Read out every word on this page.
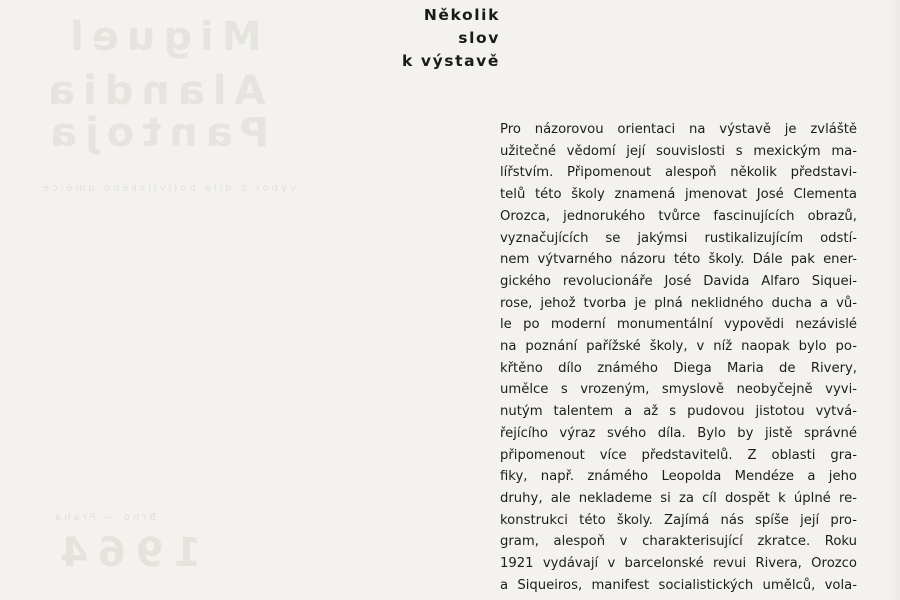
Miguel
Alandia
Pantoja
výbor z díla bolívijského umělce
Brno — Praha
1964
Několik
slov
k výstavě
Pro názorovou orientaci na výstavě je zvláště
užitečné vědomí její souvislosti s mexickým ma-
lířstvím. Připomenout alespoň několik představi-
telů této školy znamená jmenovat José Clementa
Orozca, jednorukého tvůrce fascinujících obrazů,
vyznačujících se jakýmsi rustikalizujícím odstí-
nem výtvarného názoru této školy. Dále pak ener-
gického revolucionáře José Davida Alfaro Siqueі-
rose, jehož tvorba je plná neklidného ducha a vů-
le po moderní monumentální vypovědi nezávislé
na poznání pařížské školy, v níž naopak bylo po-
křtěno dílo známého Diega Maria de Rivery,
umělce s vrozeným, smyslově neobyčejně vyvi-
nutým talentem a až s pudovou jistotou vytvá-
řejícího výraz svého díla. Bylo by jistě správné
připomenout více představitelů. Z oblasti gra-
fiky, např. známého Leopolda Mendéze a jeho
druhy, ale neklademe si za cíl dospět k úplné re-
konstrukci této školy. Zajímá nás spíše její pro-
gram, alespoň v charakterisující zkratce. Roku
1921 vydávají v barcelonské revui Rivera, Orozco
a Siqueiros, manifest socialistických umělců, vola-
